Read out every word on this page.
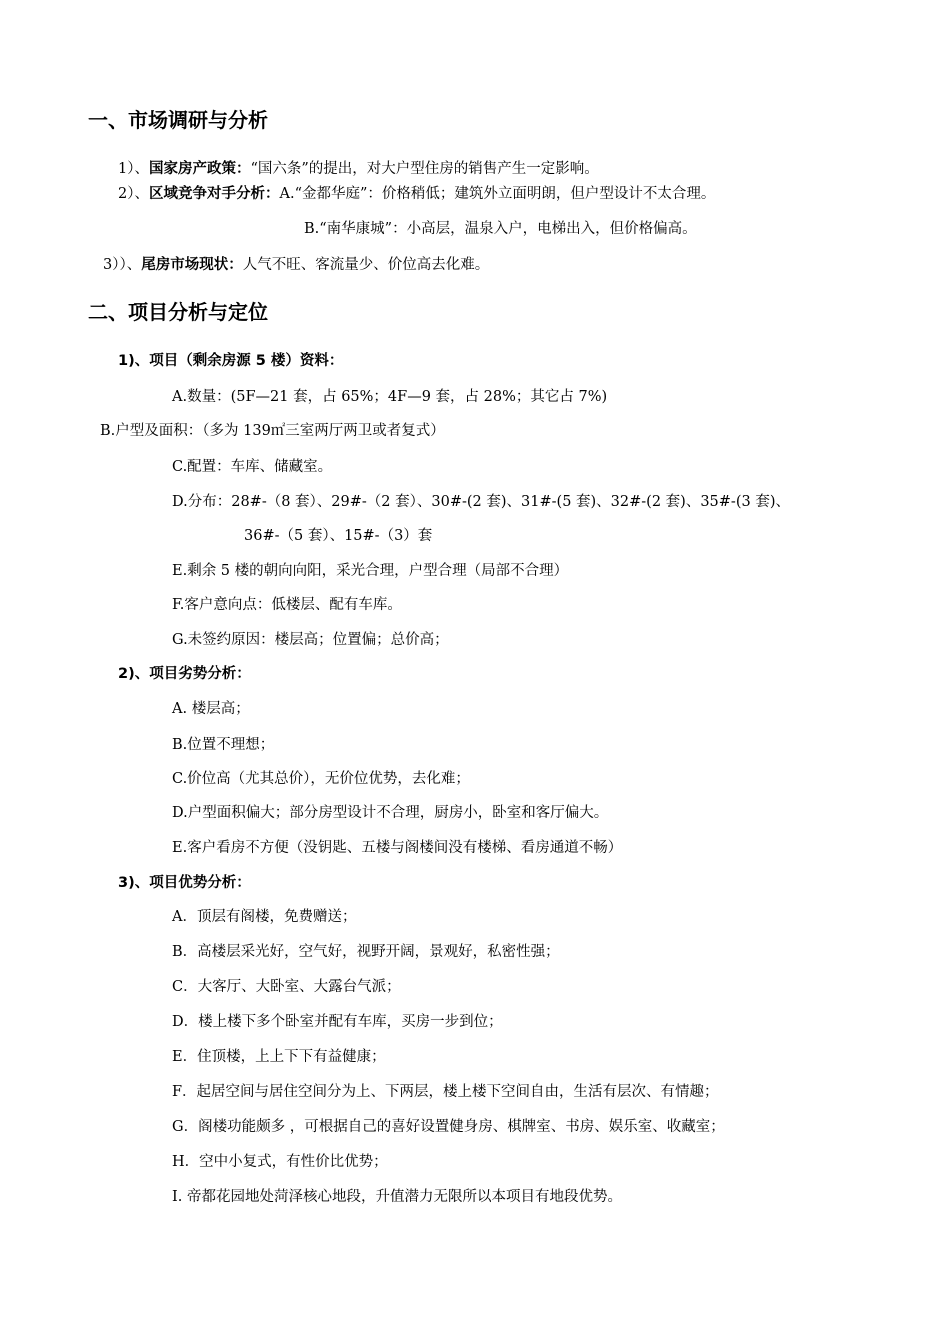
一、市场调研与分析
1）、国家房产政策：“国六条”的提出，对大户型住房的销售产生一定影响。
2）、区域竞争对手分析：A.“金都华庭”：价格稍低；建筑外立面明朗，但户型设计不太合理。
B.“南华康城”：小高层，温泉入户，电梯出入，但价格偏高。
3））、尾房市场现状：人气不旺、客流量少、价位高去化难。
二、项目分析与定位
1)、项目（剩余房源 5 楼）资料：
A.数量：(5F—21 套，占 65%；4F—9 套，占 28%；其它占 7%)
B.户型及面积：（多为 139㎡三室两厅两卫或者复式）
C.配置：车库、储藏室。
D.分布：28#-（8 套）、29#-（2 套）、30#-(2 套)、31#-(5 套)、32#-(2 套)、35#-(3 套)、
36#-（5 套）、15#-（3）套
E.剩余 5 楼的朝向向阳，采光合理，户型合理（局部不合理）
F.客户意向点：低楼层、配有车库。
G.未签约原因：楼层高；位置偏；总价高；
2)、项目劣势分析：
A. 楼层高；
B.位置不理想；
C.价位高（尤其总价），无价位优势，去化难；
D.户型面积偏大；部分房型设计不合理，厨房小，卧室和客厅偏大。
E.客户看房不方便（没钥匙、五楼与阁楼间没有楼梯、看房通道不畅）
3)、项目优势分析：
A．顶层有阁楼，免费赠送；
B．高楼层采光好，空气好，视野开阔，景观好，私密性强；
C．大客厅、大卧室、大露台气派；
D．楼上楼下多个卧室并配有车库，买房一步到位；
E．住顶楼，上上下下有益健康；
F．起居空间与居住空间分为上、下两层，楼上楼下空间自由，生活有层次、有情趣；
G．阁楼功能颇多 ，可根据自己的喜好设置健身房、棋牌室、书房、娱乐室、收藏室；
H．空中小复式，有性价比优势；
I. 帝都花园地处菏泽核心地段，升值潜力无限所以本项目有地段优势。
